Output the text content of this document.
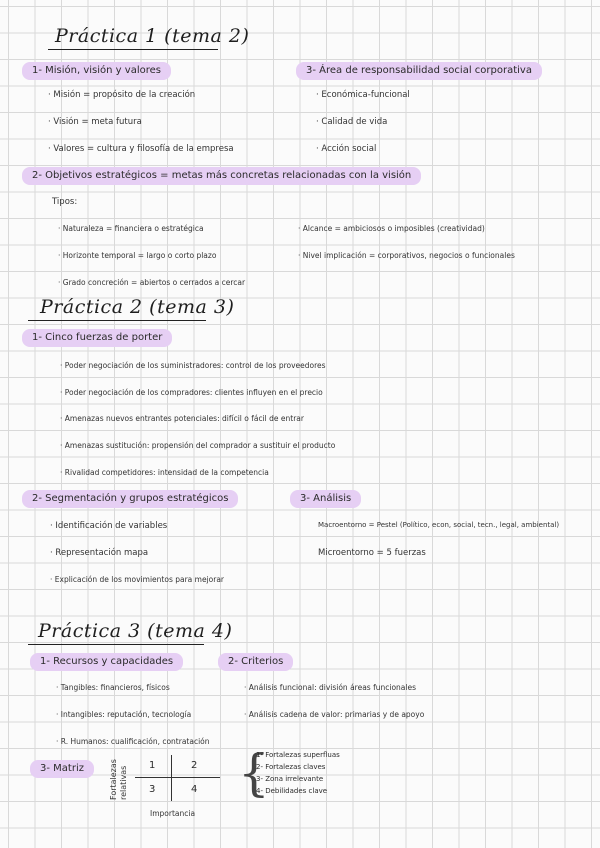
Práctica 1 (tema 2)
1- Misión, visión y valores
· Misión = propósito de la creación
· Visión = meta futura
· Valores = cultura y filosofía de la empresa
3- Área de responsabilidad social corporativa
· Económica-funcional
· Calidad de vida
· Acción social
2- Objetivos estratégicos = metas más concretas relacionadas con la visión
Tipos:
· Naturaleza = financiera o estratégica
· Horizonte temporal = largo o corto plazo
· Grado concreción = abiertos o cerrados a cercar
· Alcance = ambiciosos o imposibles (creatividad)
· Nivel implicación = corporativos, negocios o funcionales
Práctica 2 (tema 3)
1- Cinco fuerzas de porter
· Poder negociación de los suministradores: control de los proveedores
· Poder negociación de los compradores: clientes influyen en el precio
· Amenazas nuevos entrantes potenciales: difícil o fácil de entrar
· Amenazas sustitución: propensión del comprador a sustituir el producto
· Rivalidad competidores: intensidad de la competencia
2- Segmentación y grupos estratégicos
· Identificación de variables
· Representación mapa
· Explicación de los movimientos para mejorar
3- Análisis
Macroentorno = Pestel (Político, econ, social, tecn., legal, ambiental)
Microentorno = 5 fuerzas
Práctica 3 (tema 4)
1- Recursos y capacidades
· Tangibles: financieros, físicos
· Intangibles: reputación, tecnología
· R. Humanos: cualificación, contratación
2- Criterios
· Análisis funcional: división áreas funcionales
· Análisis cadena de valor: primarias y de apoyo
3- Matriz	Fortalezas relativas
1	2
3	4
Importancia
{
1- Fortalezas superfluas
2- Fortalezas claves
3- Zona irrelevante
4- Debilidades clave
